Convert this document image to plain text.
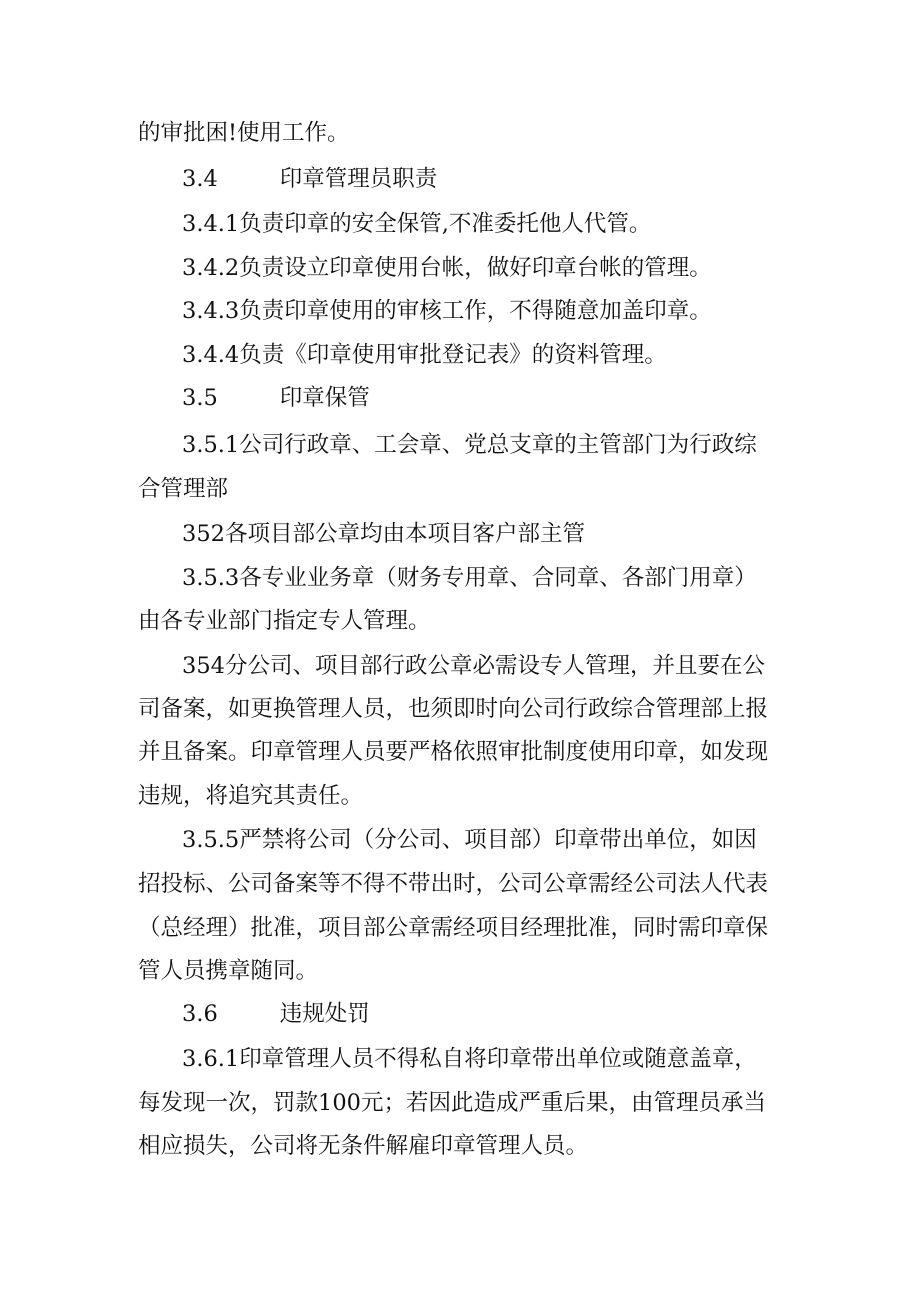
的审批困!使用工作。
3.4	印章管理员职责
3.4.1负责印章的安全保管,不准委托他人代管。
3.4.2负责设立印章使用台帐，做好印章台帐的管理。
3.4.3负责印章使用的审核工作，不得随意加盖印章。
3.4.4负责《印章使用审批登记表》的资料管理。
3.5	印章保管
3.5.1公司行政章、工会章、党总支章的主管部门为行政综
合管理部
352各项目部公章均由本项目客户部主管
3.5.3各专业业务章（财务专用章、合同章、各部门用章）
由各专业部门指定专人管理。
354分公司、项目部行政公章必需设专人管理，并且要在公
司备案，如更换管理人员，也须即时向公司行政综合管理部上报
并且备案。印章管理人员要严格依照审批制度使用印章，如发现
违规，将追究其责任。
3.5.5严禁将公司（分公司、项目部）印章带出单位，如因
招投标、公司备案等不得不带出时，公司公章需经公司法人代表
（总经理）批准，项目部公章需经项目经理批准，同时需印章保
管人员携章随同。
3.6	违规处罚
3.6.1印章管理人员不得私自将印章带出单位或随意盖章，
每发现一次，罚款100元；若因此造成严重后果，由管理员承当
相应损失，公司将无条件解雇印章管理人员。
